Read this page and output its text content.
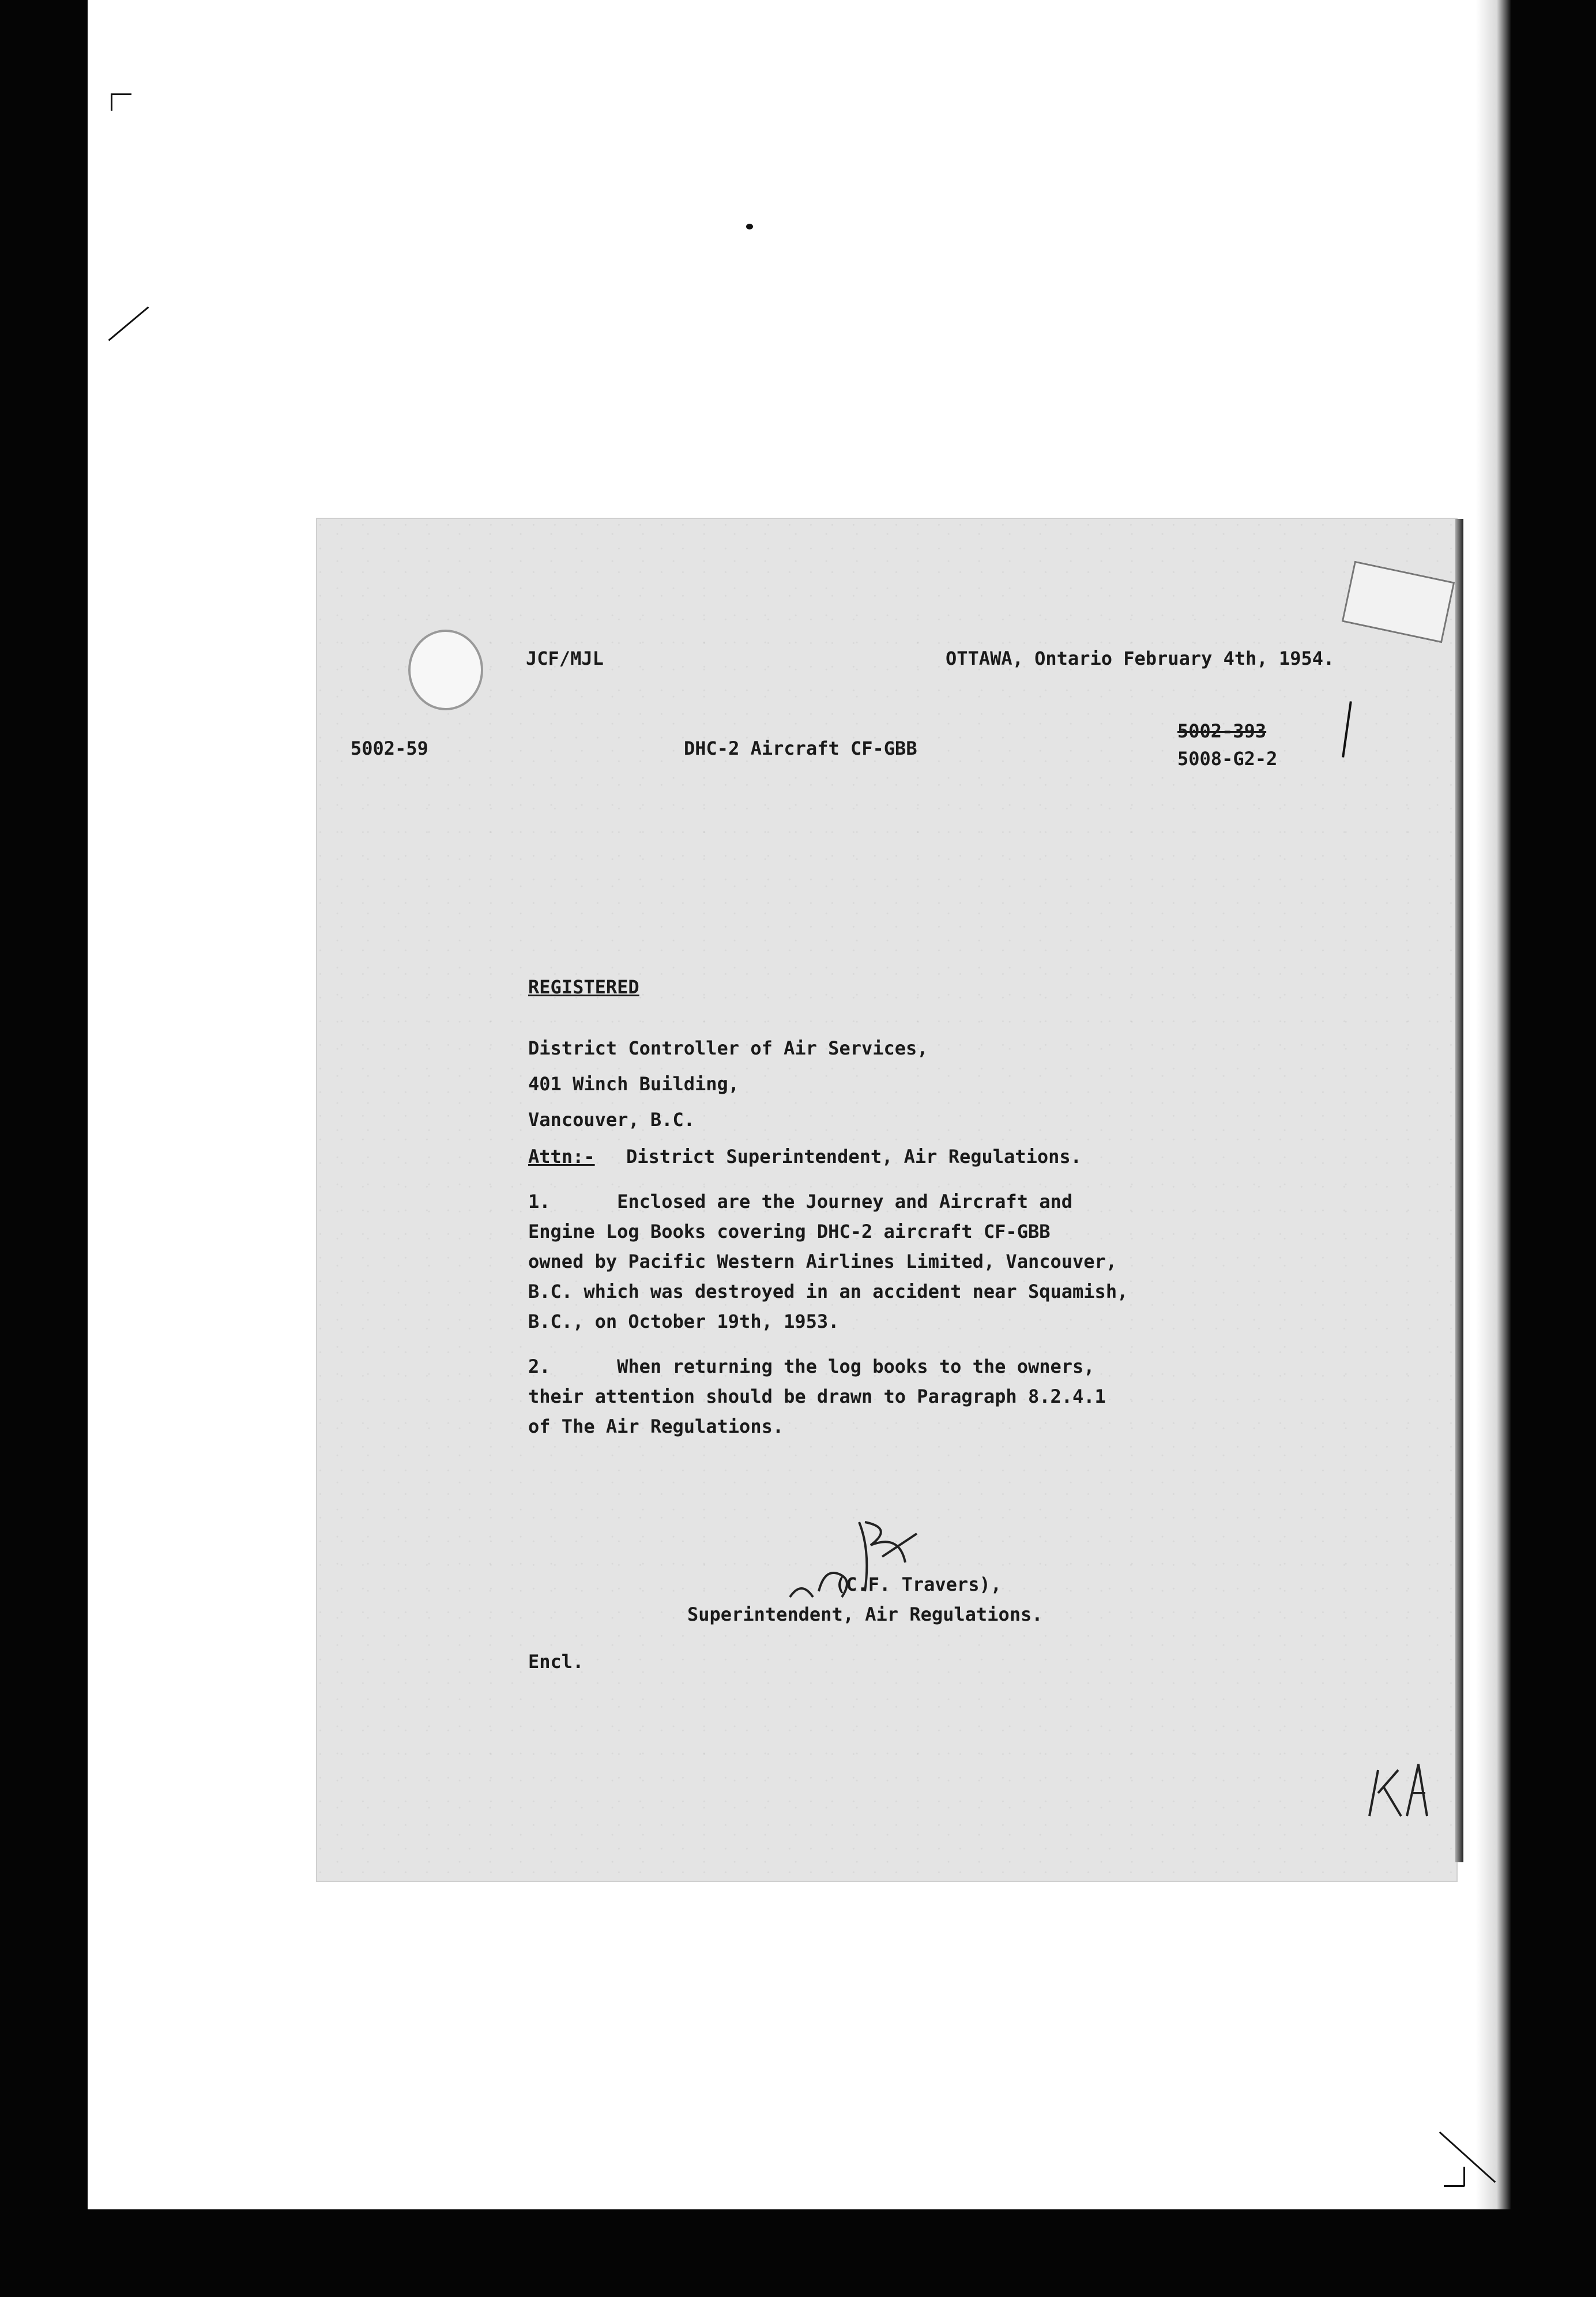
JCF/MJL	OTTAWA, Ontario February 4th, 1954.

5002-59	DHC-2 Aircraft CF-GBB

5002-393

5008-G2-2

REGISTERED

District Controller of Air Services,

401 Winch Building,

Vancouver, B.C.

Attn:- District Superintendent, Air Regulations.

1.      Enclosed are the Journey and Aircraft and

Engine Log Books covering DHC-2 aircraft CF-GBB

owned by Pacific Western Airlines Limited, Vancouver,

B.C. which was destroyed in an accident near Squamish,

B.C., on October 19th, 1953.

2.      When returning the log books to the owners,

their attention should be drawn to Paragraph 8.2.4.1

of The Air Regulations.

(C.F. Travers),

Superintendent, Air Regulations.

Encl.
